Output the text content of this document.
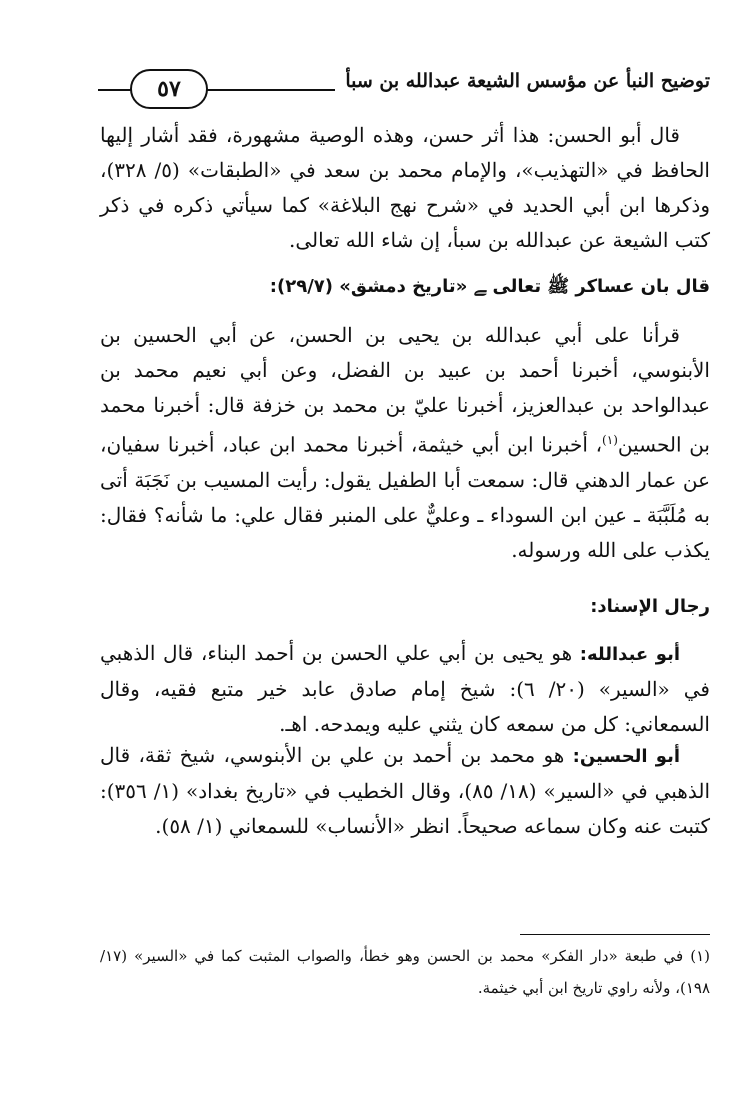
توضيح النبأ عن مؤسس الشيعة عبدالله بن سبأ
٥٧

قال أبو الحسن: هذا أثر حسن، وهذه الوصية مشهورة، فقد أشار إليها الحافظ في «التهذيب»، والإمام محمد بن سعد في «الطبقات» (٥/ ٣٢٨)، وذكرها ابن أبي الحديد في «شرح نهج البلاغة» كما سيأتي ذكره في ذكر كتب الشيعة عن عبدالله بن سبأ، إن شاء الله تعالى.

قال بان عساكر ﷺ تعالى ﮯ «تاريخ دمشق» (٢٩/٧):

قرأنا على أبي عبدالله بن يحيى بن الحسن، عن أبي الحسين بن الأبنوسي، أخبرنا أحمد بن عبيد بن الفضل، وعن أبي نعيم محمد بن عبدالواحد بن عبدالعزيز، أخبرنا عليّ بن محمد بن خزفة قال: أخبرنا محمد بن الحسين$^{(١)}$، أخبرنا ابن أبي خيثمة، أخبرنا محمد ابن عباد، أخبرنا سفيان، عن عمار الدهني قال: سمعت أبا الطفيل يقول: رأيت المسيب بن نَجَبَة أتى به مُلَبَّبَة ـ عين ابن السوداء ـ وعليٌّ على المنبر فقال علي: ما شأنه؟ فقال: يكذب على الله ورسوله.

رجال الإسناد:

أبو عبدالله: هو يحيى بن أبي علي الحسن بن أحمد البناء، قال الذهبي في «السير» (٢٠/ ٦): شيخ إمام صادق عابد خير متبع فقيه، وقال السمعاني: كل من سمعه كان يثني عليه ويمدحه. اهـ.

أبو الحسين: هو محمد بن أحمد بن علي بن الأبنوسي، شيخ ثقة، قال الذهبي في «السير» (١٨/ ٨٥)، وقال الخطيب في «تاريخ بغداد» (١/ ٣٥٦): كتبت عنه وكان سماعه صحيحاً. انظر «الأنساب» للسمعاني (١/ ٥٨).

(١) في طبعة «دار الفكر» محمد بن الحسن وهو خطأ، والصواب المثبت كما في «السير» (١٧/ ١٩٨)، ولأنه راوي تاريخ ابن أبي خيثمة.
